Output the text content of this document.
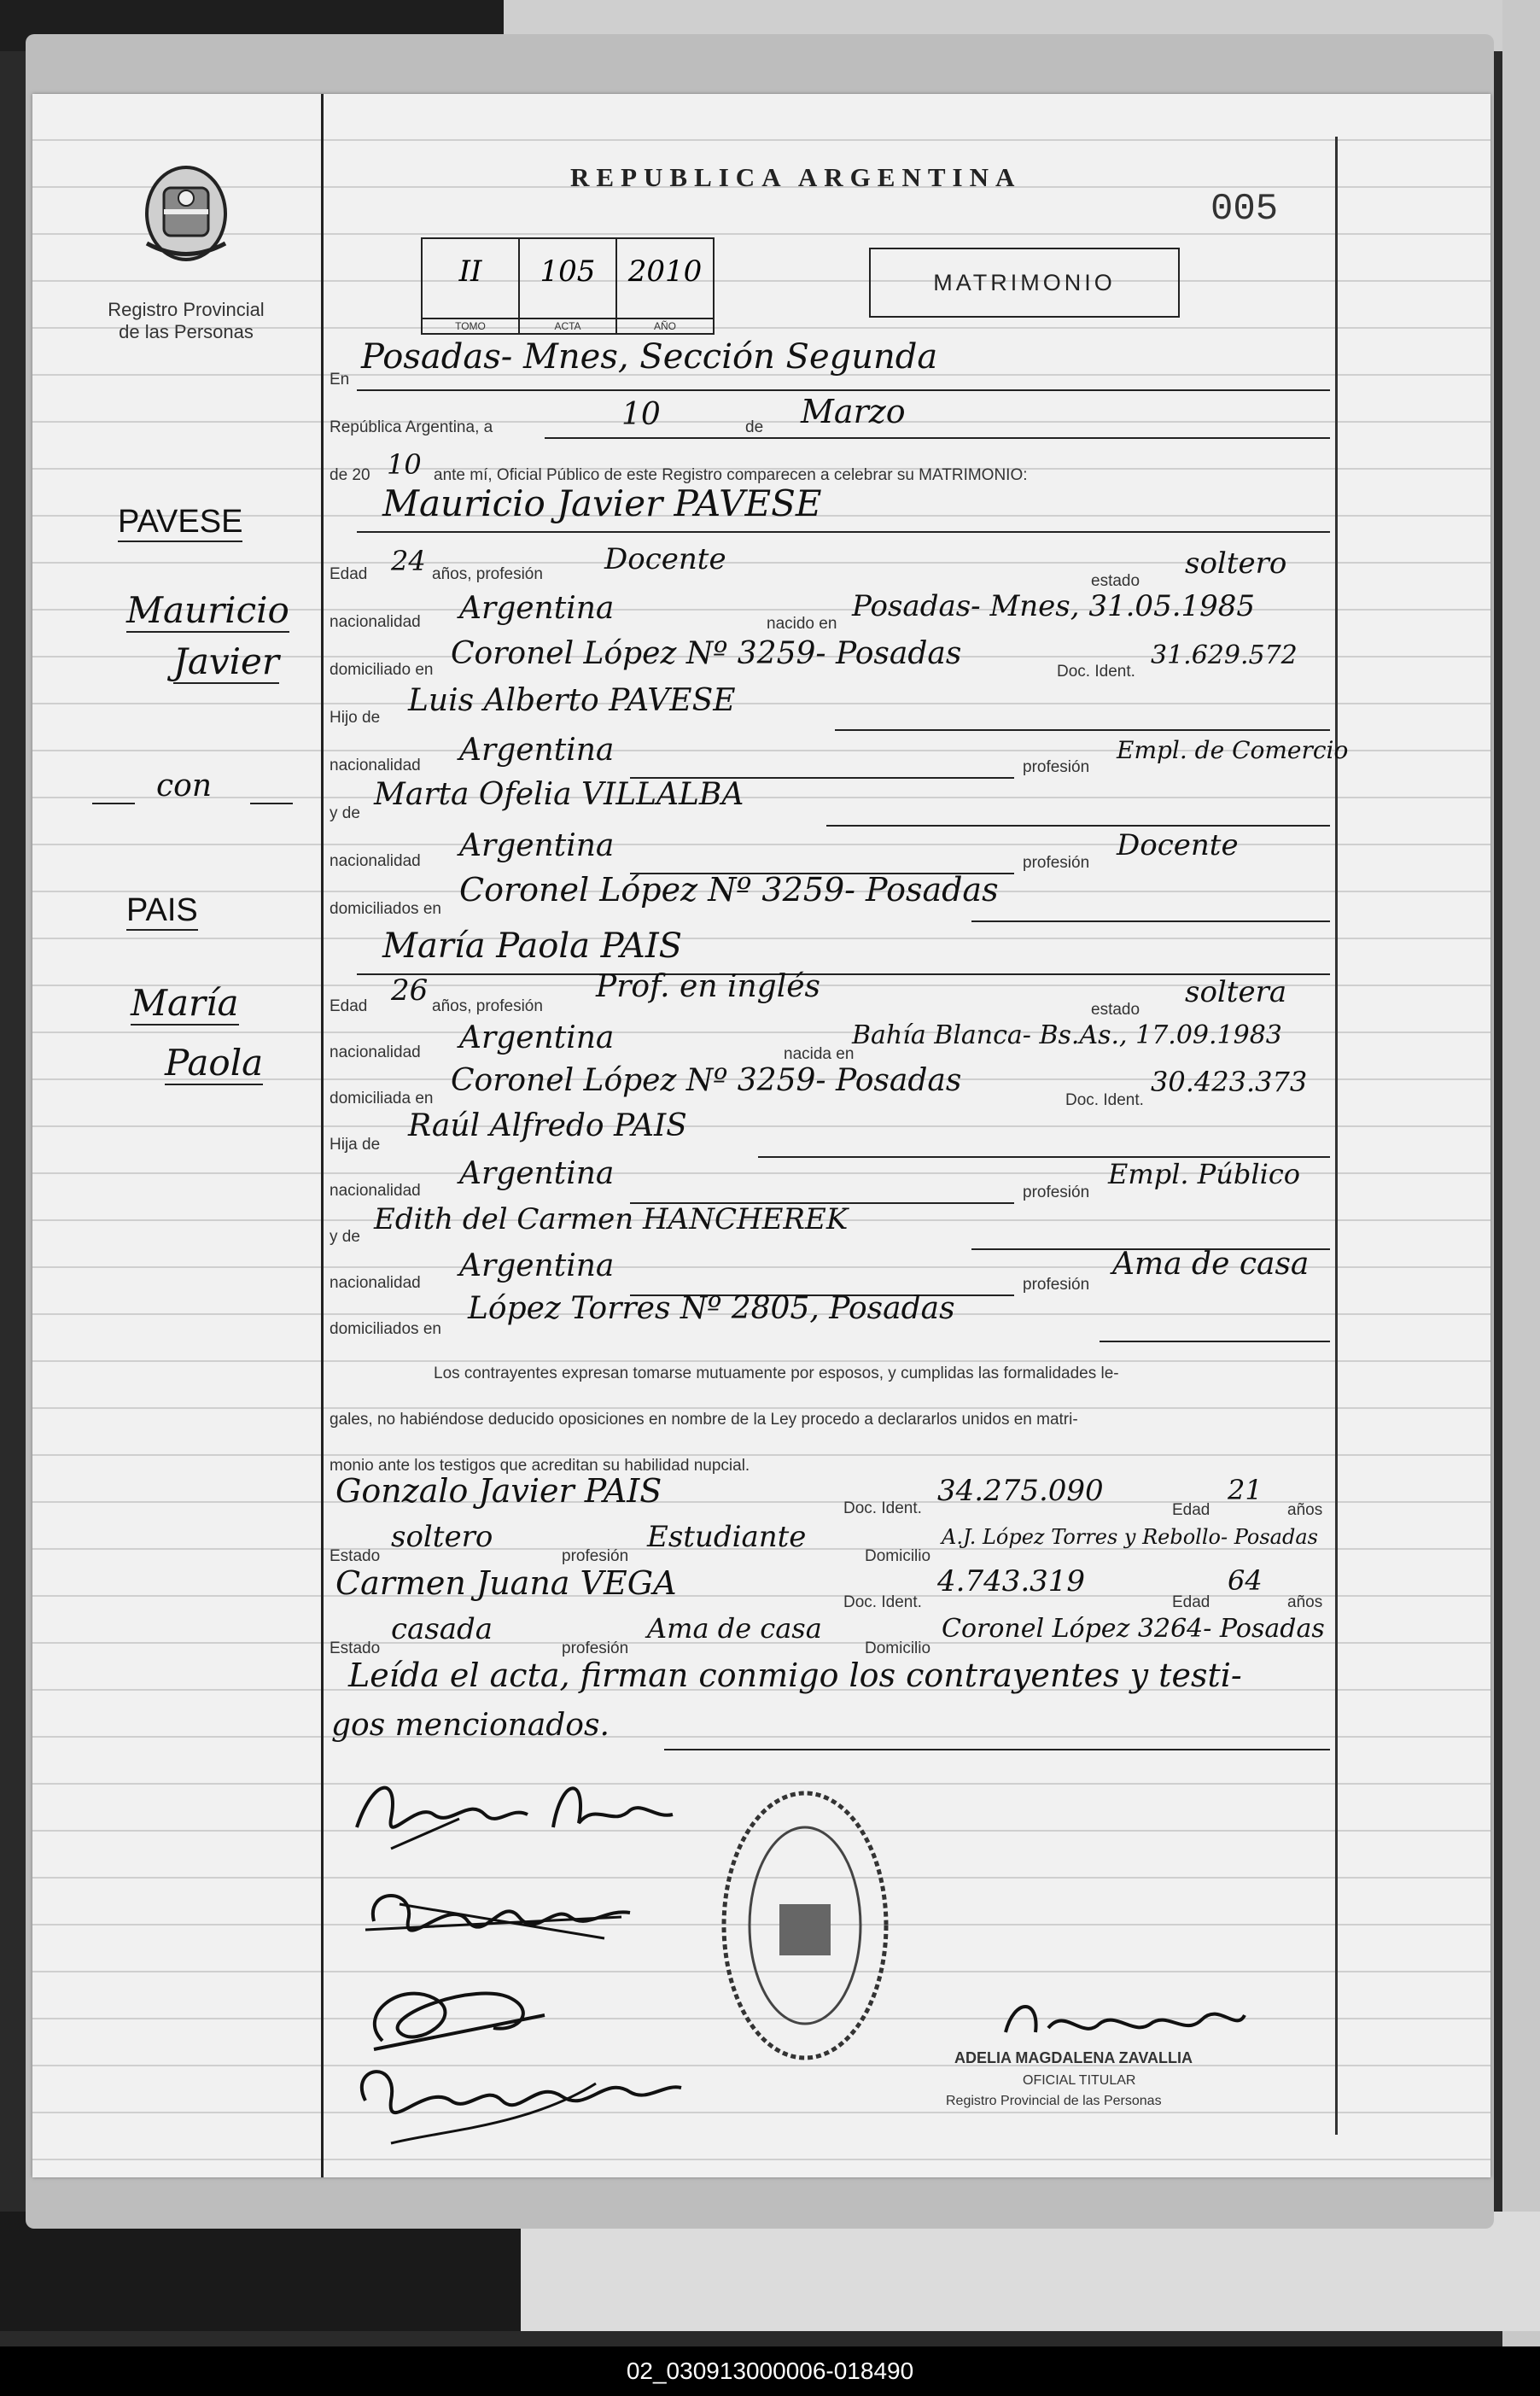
Registro Provincial
de las Personas
PAVESE
Mauricio
Javier
con
PAIS
María
Paola
REPUBLICA ARGENTINA
005
II
TOMO
105
ACTA
2010
AÑO
MATRIMONIO
En
Posadas- Mnes, Sección Segunda
República Argentina, a	10	de Marzo
de 20 10 ante mí, Oficial Público de este Registro comparecen a celebrar su MATRIMONIO:
Mauricio Javier PAVESE
Edad 24 años, profesión Docente
estado
soltero
nacionalidad Argentina	nacido en
Posadas- Mnes, 31.05.1985
domiciliado en Coronel López Nº 3259- Posadas
Doc. Ident.
31.629.572
Hijo de Luis Alberto PAVESE
nacionalidad Argentina	profesión
Empl. de Comercio
y de
Marta Ofelia VILLALBA
nacionalidad Argentina	profesión
Docente
domiciliados en
Coronel López Nº 3259- Posadas
María Paola PAIS
Edad 26 años, profesión
Prof. en inglés
estado
soltera
nacionalidad Argentina	nacida en
Bahía Blanca- Bs.As., 17.09.1983
domiciliada en
Coronel López Nº 3259- Posadas
Doc. Ident.
30.423.373
Hija de
Raúl Alfredo PAIS
nacionalidad Argentina
profesión
Empl. Público
y de
Edith del Carmen HANCHEREK
nacionalidad Argentina
profesión
Ama de casa
domiciliados en
López Torres Nº 2805, Posadas
Los contrayentes expresan tomarse mutuamente por esposos, y cumplidas las formalidades le-
gales, no habiéndose deducido oposiciones en nombre de la Ley procedo a declararlos unidos en matri-
monio ante los testigos que acreditan su habilidad nupcial.
Gonzalo Javier PAIS	Doc. Ident.
34.275.090
Edad
21
años
Estado
soltero
profesión
Estudiante
Domicilio
A.J. López Torres y Rebollo- Posadas
Carmen Juana VEGA
Doc. Ident.
4.743.319
Edad
64
años
Estado
casada
profesión
Ama de casa
Domicilio
Coronel López 3264- Posadas
Leída el acta, firman conmigo los contrayentes y testi-
gos mencionados.
ADELIA MAGDALENA ZAVALLIA
OFICIAL TITULAR
Registro Provincial de las Personas
02_030913000006-018490
